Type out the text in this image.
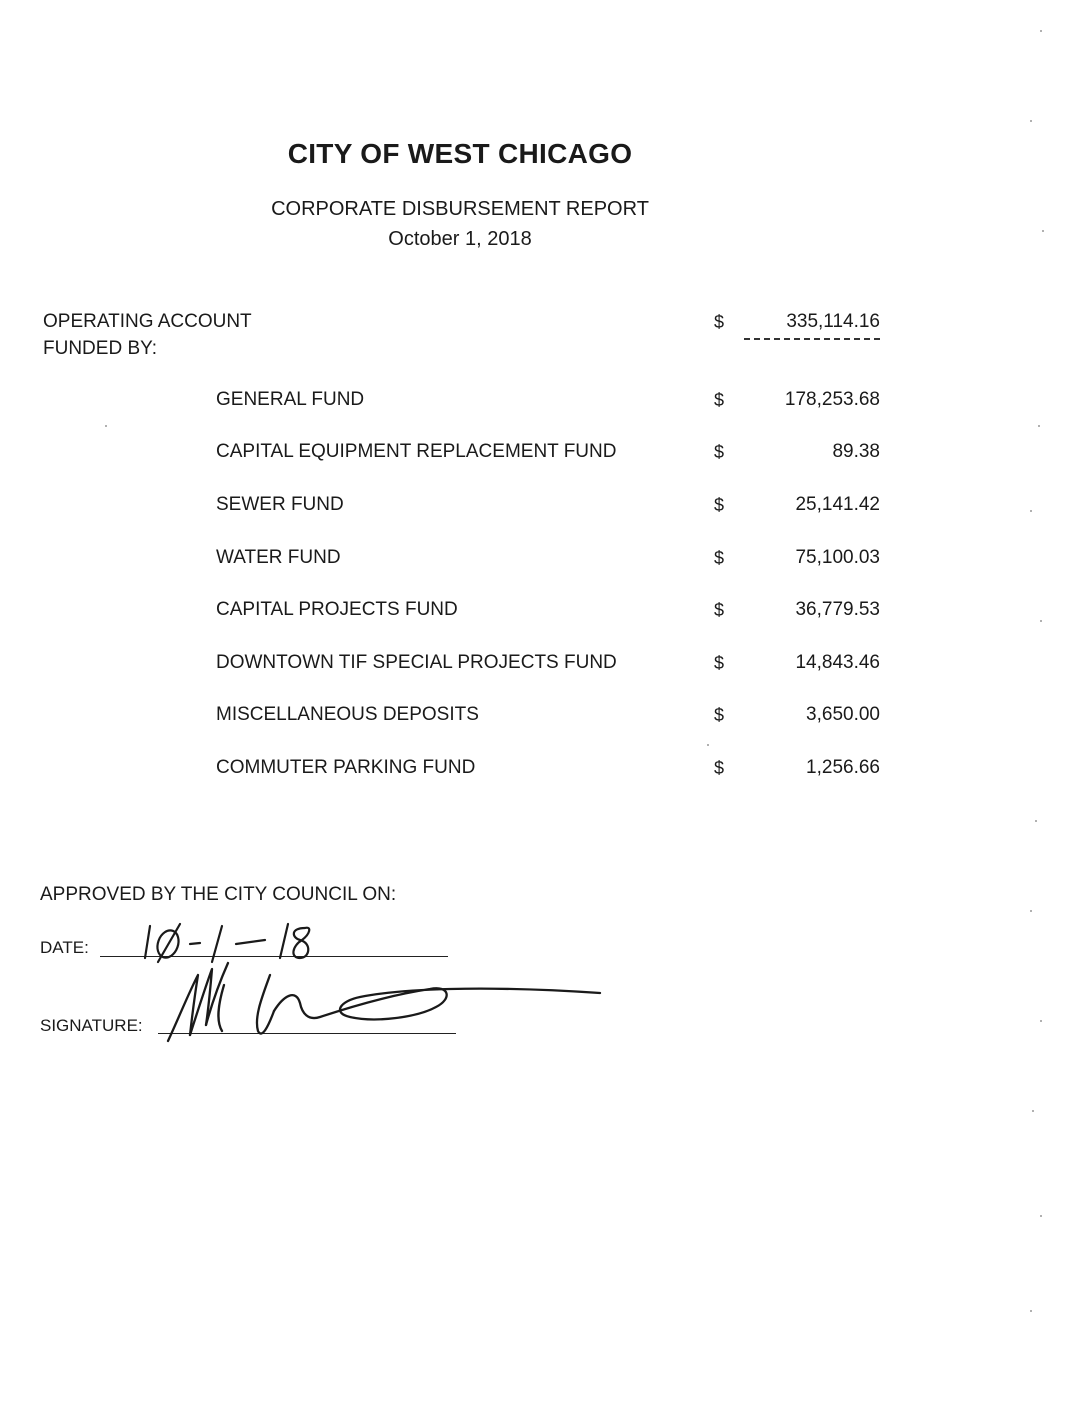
CITY OF WEST CHICAGO
CORPORATE DISBURSEMENT REPORT
October 1, 2018
OPERATING ACCOUNT	$	335,114.16
FUNDED BY:
GENERAL FUND	$	178,253.68
CAPITAL EQUIPMENT REPLACEMENT FUND	$	89.38
SEWER FUND	$	25,141.42
WATER FUND	$	75,100.03
CAPITAL PROJECTS FUND	$	36,779.53
DOWNTOWN TIF SPECIAL PROJECTS FUND	$	14,843.46
MISCELLANEOUS DEPOSITS	$	3,650.00
COMMUTER PARKING FUND	$	1,256.66
APPROVED BY THE CITY COUNCIL ON:
DATE:
SIGNATURE:
